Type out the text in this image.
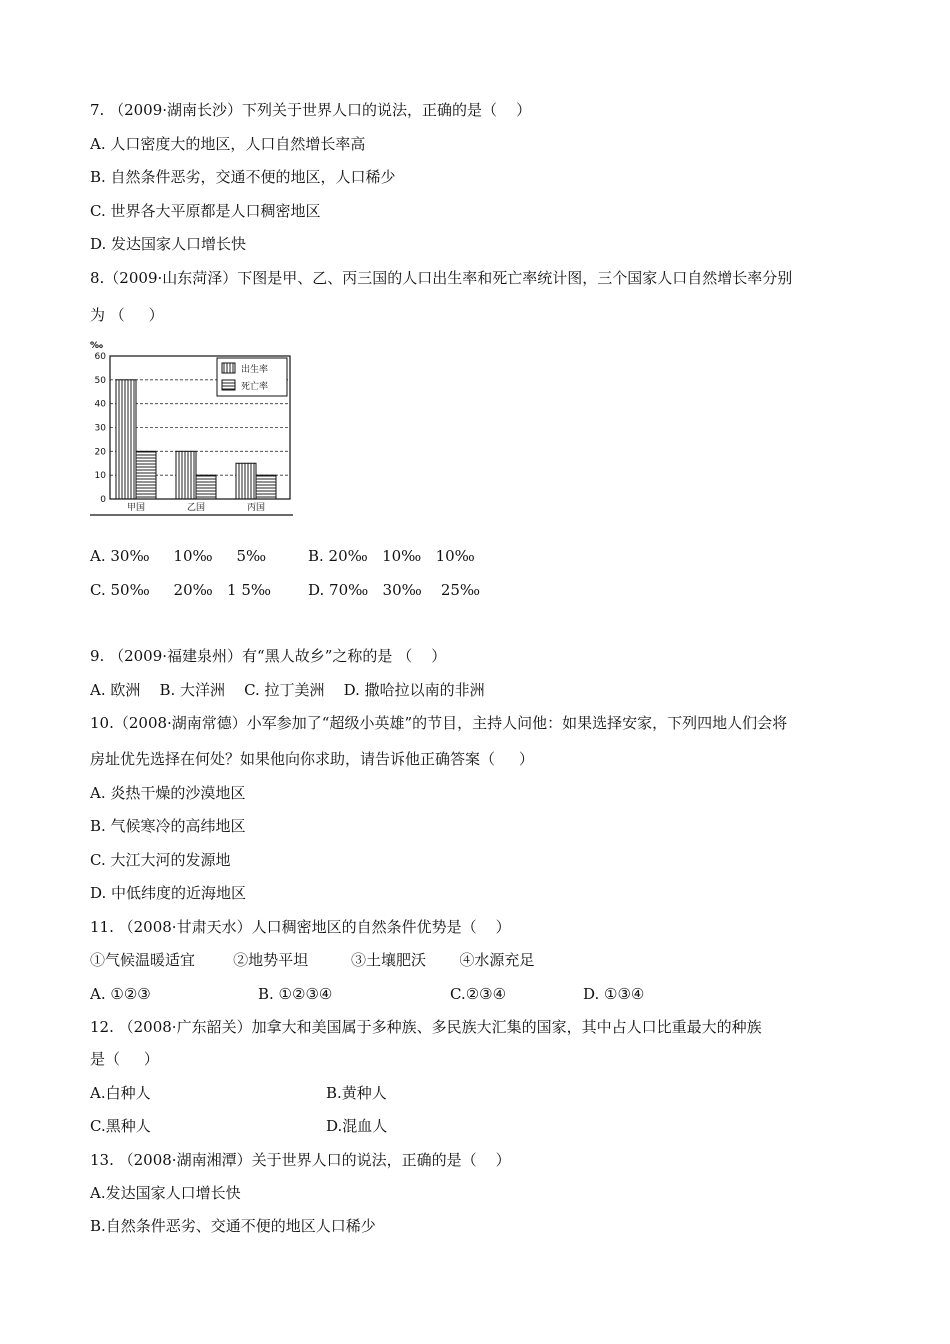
7. （2009·湖南长沙）下列关于世界人口的说法，正确的是（    ）
A. 人口密度大的地区，人口自然增长率高
B. 自然条件恶劣，交通不便的地区，人口稀少
C. 世界各大平原都是人口稠密地区
D. 发达国家人口增长快
8.（2009·山东菏泽）下图是甲、乙、丙三国的人口出生率和死亡率统计图，三个国家人口自然增长率分别
为 （     ）
‰
60
50
40
30
20
10
0
甲国	乙国	丙国
出生率
死亡率

A. 30‰     10‰     5‰

	B. 20‰   10‰   10‰

C. 50‰     20‰   1 5‰

D. 70‰   30‰    25‰

9. （2009·福建泉州）有“黑人故乡”之称的是 （    ）
A. 欧洲    B. 大洋洲    C. 拉丁美洲    D. 撒哈拉以南的非洲
10.（2008·湖南常德）小军参加了“超级小英雄”的节目，主持人问他：如果选择安家，下列四地人们会将
房址优先选择在何处？如果他向你求助，请告诉他正确答案（     ）
A. 炎热干燥的沙漠地区
B. 气候寒冷的高纬地区
C. 大江大河的发源地
D. 中低纬度的近海地区
11. （2008·甘肃天水）人口稠密地区的自然条件优势是（    ）
①气候温暖适宜        ②地势平坦         ③土壤肥沃       ④水源充足

A. ①②③

	B. ①②③④

	C.②③④

	D. ①③④

12. （2008·广东韶关）加拿大和美国属于多种族、多民族大汇集的国家，其中占人口比重最大的种族
是（     ）

A.白种人

	B.黄种人

C.黑种人

	D.混血人

13. （2008·湖南湘潭）关于世界人口的说法，正确的是（    ）
A.发达国家人口增长快
B.自然条件恶劣、交通不便的地区人口稀少
